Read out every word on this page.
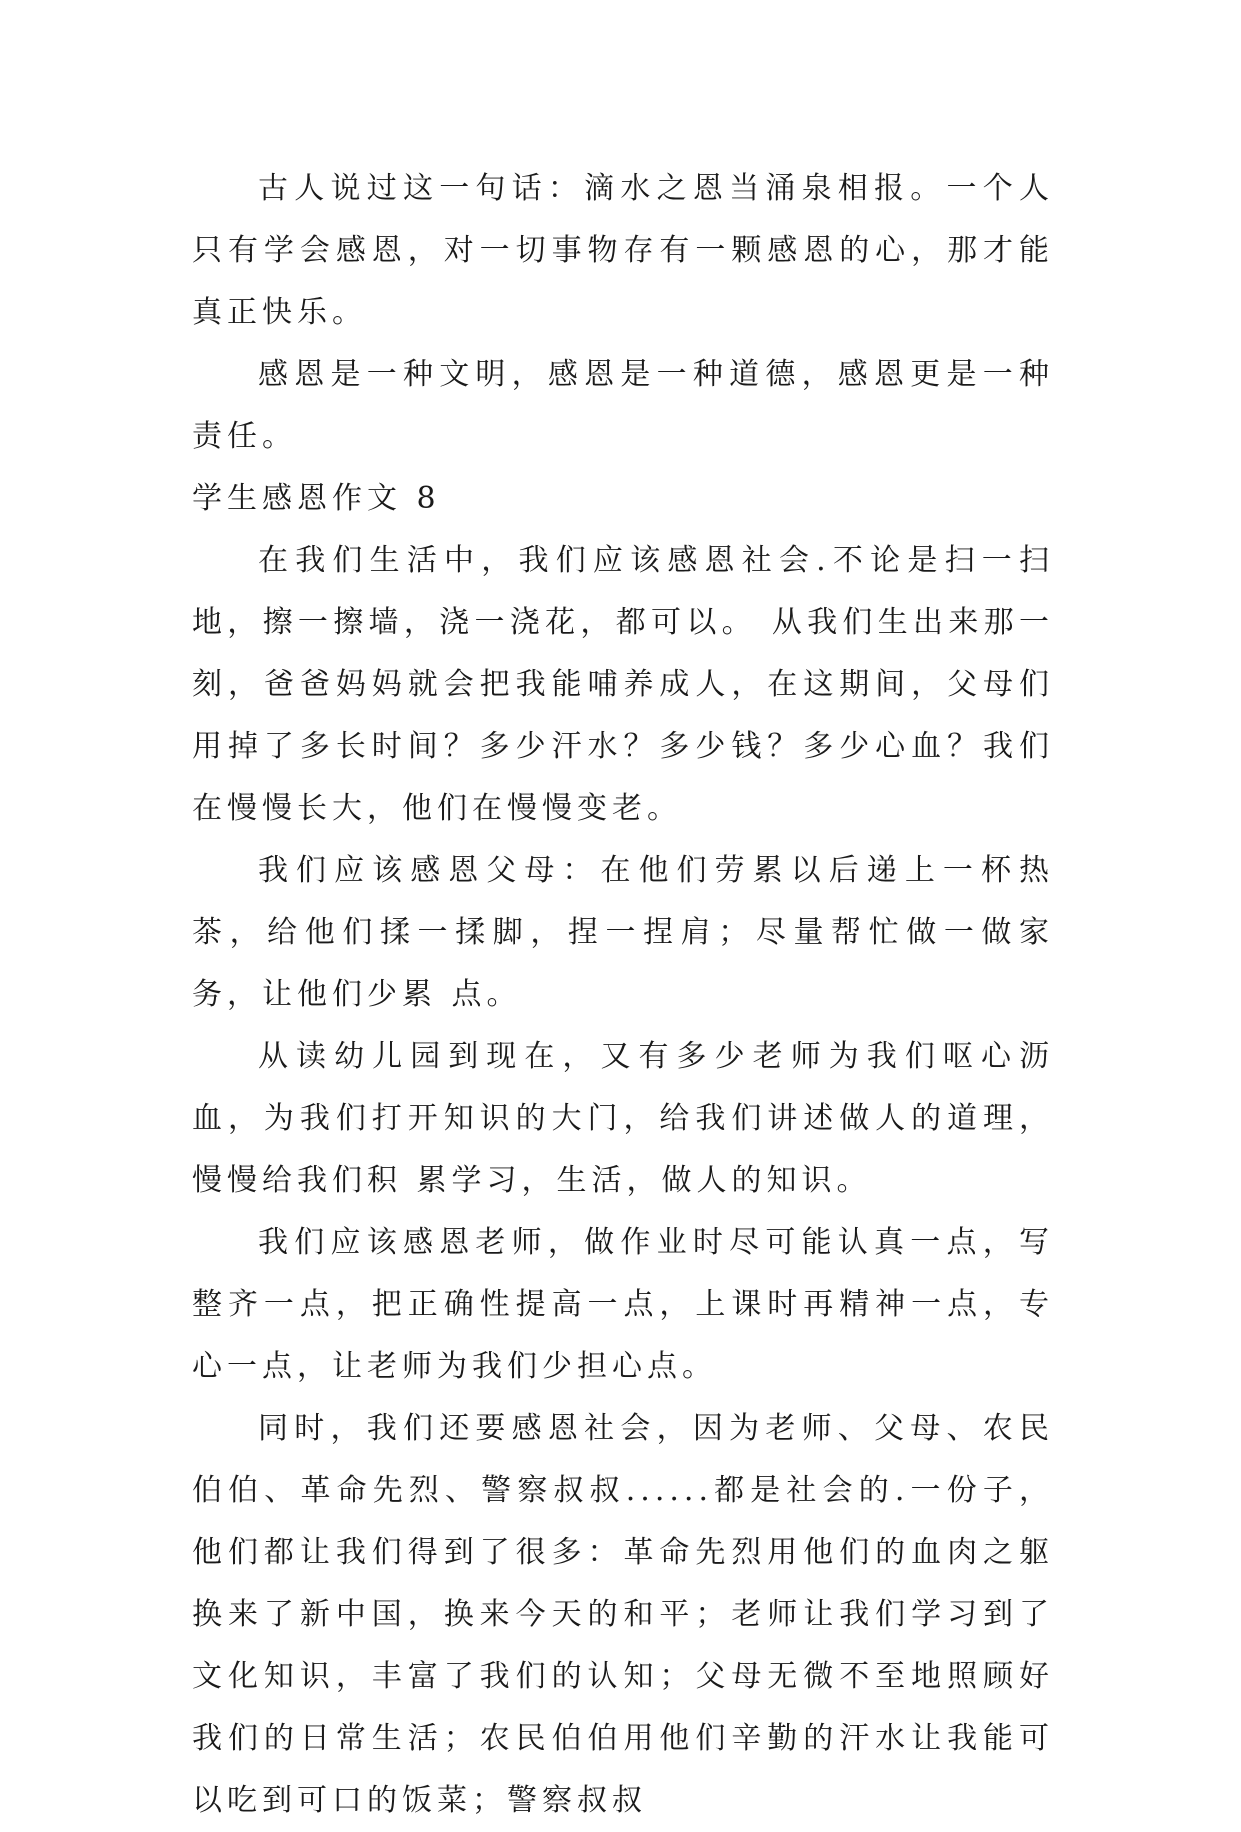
古人说过这一句话：滴水之恩当涌泉相报。一个人只有学会感恩，对一切事物存有一颗感恩的心，那才能真正快乐。

感恩是一种文明，感恩是一种道德，感恩更是一种责任。

学生感恩作文 8

在我们生活中，我们应该感恩社会.不论是扫一扫地，擦一擦墙，浇一浇花，都可以。 从我们生出来那一刻，爸爸妈妈就会把我能哺养成人，在这期间，父母们用掉了多长时间？多少汗水？多少钱？多少心血？我们在慢慢长大，他们在慢慢变老。

我们应该感恩父母：在他们劳累以后递上一杯热茶，给他们揉一揉脚，捏一捏肩；尽量帮忙做一做家务，让他们少累 点。

从读幼儿园到现在，又有多少老师为我们呕心沥血，为我们打开知识的大门，给我们讲述做人的道理，慢慢给我们积 累学习，生活，做人的知识。

我们应该感恩老师，做作业时尽可能认真一点，写整齐一点，把正确性提高一点，上课时再精神一点，专心一点，让老师为我们少担心点。

同时，我们还要感恩社会，因为老师、父母、农民伯伯、革命先烈、警察叔叔......都是社会的.一份子，他们都让我们得到了很多：革命先烈用他们的血肉之躯换来了新中国，换来今天的和平；老师让我们学习到了文化知识，丰富了我们的认知；父母无微不至地照顾好我们的日常生活；农民伯伯用他们辛勤的汗水让我能可以吃到可口的饭菜；警察叔叔
